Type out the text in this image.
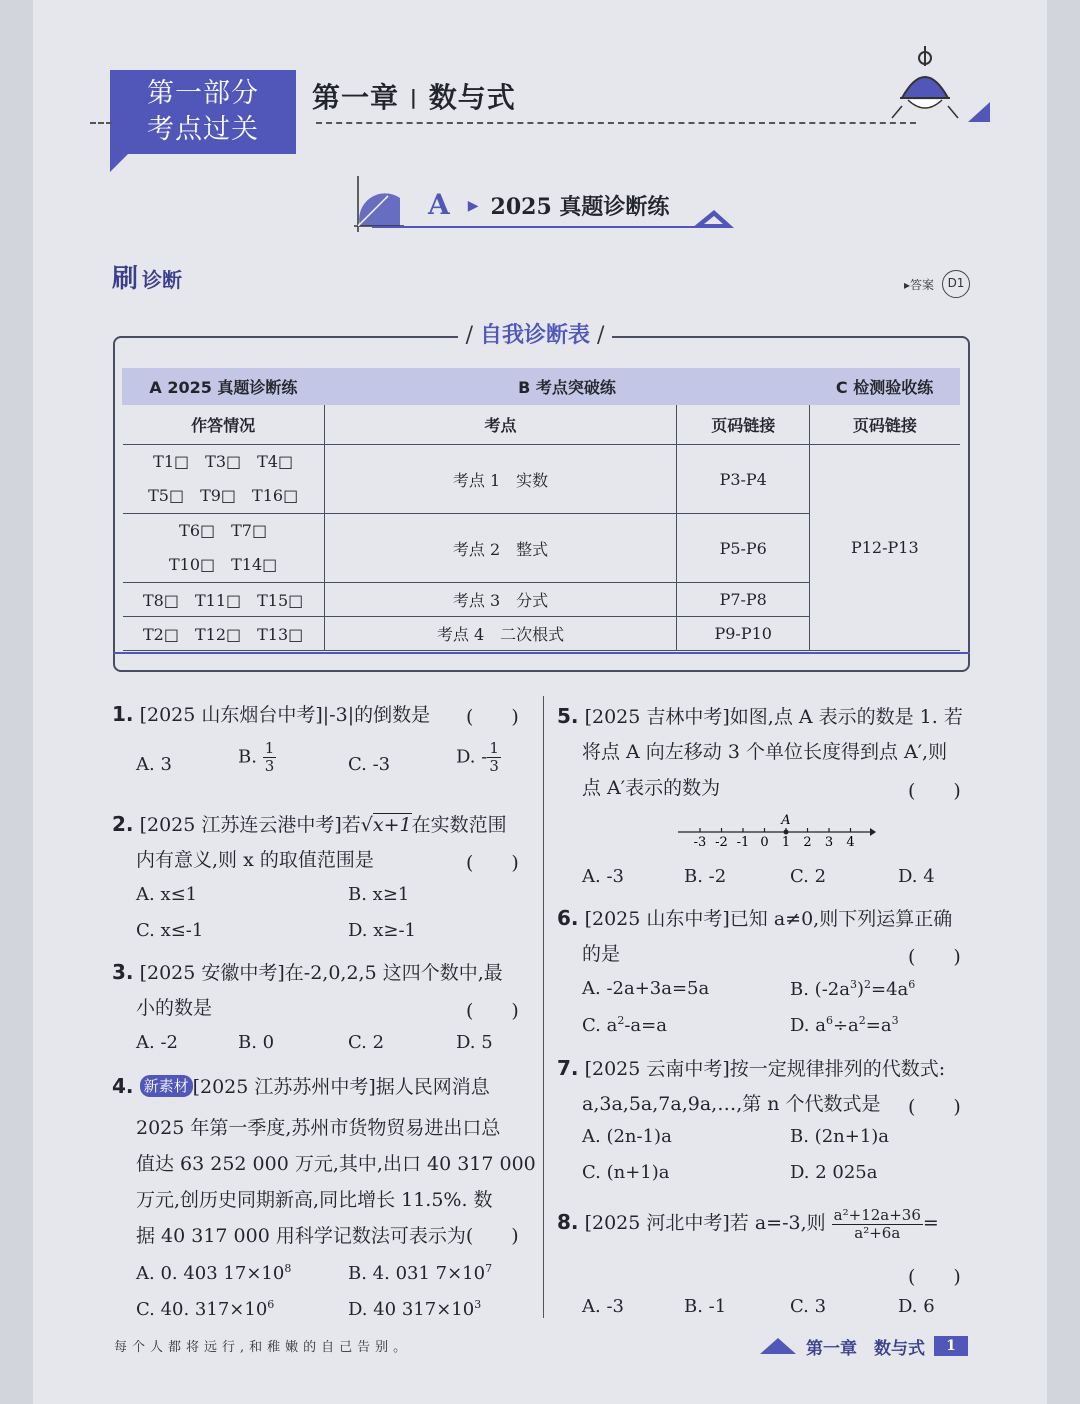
第一部分
考点过关
第一章 | 数与式
A ▶ 2025 真题诊断练
刷 诊断	▸答案	D1
/ 自我诊断表 /
A 2025 真题诊断练	B 考点突破练		C 检测验收练
作答情况	考点	页码链接	页码链接

T1□　T3□　T4□
T5□　T9□　T16□	考点 1　实数	P3-P4	P12-P13

T6□　T7□
T10□　T14□	考点 2　整式	P5-P6	
T8□　T11□　T15□	考点 3　分式	P7-P8	
T2□　T12□　T13□	考点 4　二次根式	P9-P10	
1. [2025 山东烟台中考]|-3|的倒数是 (　　)
A. 3	B. $\frac{1}{3}$	C. -3	D. - $\frac{1}{3}$
2. [2025 江苏连云港中考]若√x+1在实数范围
内有意义,则 x 的取值范围是	(　　)
A. x≤1	B. x≥1
C. x≤-1	D. x≥-1
3. [2025 安徽中考]在-2,0,2,5 这四个数中,最
小的数是	(　　)
A. -2	B. 0	C. 2	D. 5
4. 新素材 [2025 江苏苏州中考]据人民网消息
2025 年第一季度,苏州市货物贸易进出口总
值达 63 252 000 万元,其中,出口 40 317 000
万元,创历史同期新高,同比增长 11.5%. 数
据 40 317 000 用科学记数法可表示为(　　)
A. 0. 403 $17\times 10^8$	B. 4. 031 $7\times 10^7$
C. 40. $317\times 10^6$	D. 40 $317\times 10^3$
5. [2025 吉林中考]如图,点 A 表示的数是 1. 若
将点 A 向左移动 3 个单位长度得到点 A′,则
点 A′表示的数为	(　　)
-3 -2 -1 0 1 2 3 4
A
A. -3	B. -2	C. 2	D. 4
6. [2025 山东中考]已知 a≠0,则下列运算正确
的是	(　　)
A. -2a+3a=5a	B. $(-2a^3)^2=4a^6$
C. $a^2-a=a$	D. $a^6\div a^2=a^3$
7. [2025 云南中考]按一定规律排列的代数式:
a,3a,5a,7a,9a,…,第 n 个代数式是 (　　)
A. (2n-1)a	B. (2n+1)a
C. (n+1)a	D. 2 025a
8. [2025 河北中考]若 a=-3,则 $\frac{\text{a²+12a+36}}{\text{a²+6a}}$ =
(　　)
A. -3	B. -1	C. 3	D. 6
每个人都将远行,和稚嫩的自己告别。	第一章　数与式	1
